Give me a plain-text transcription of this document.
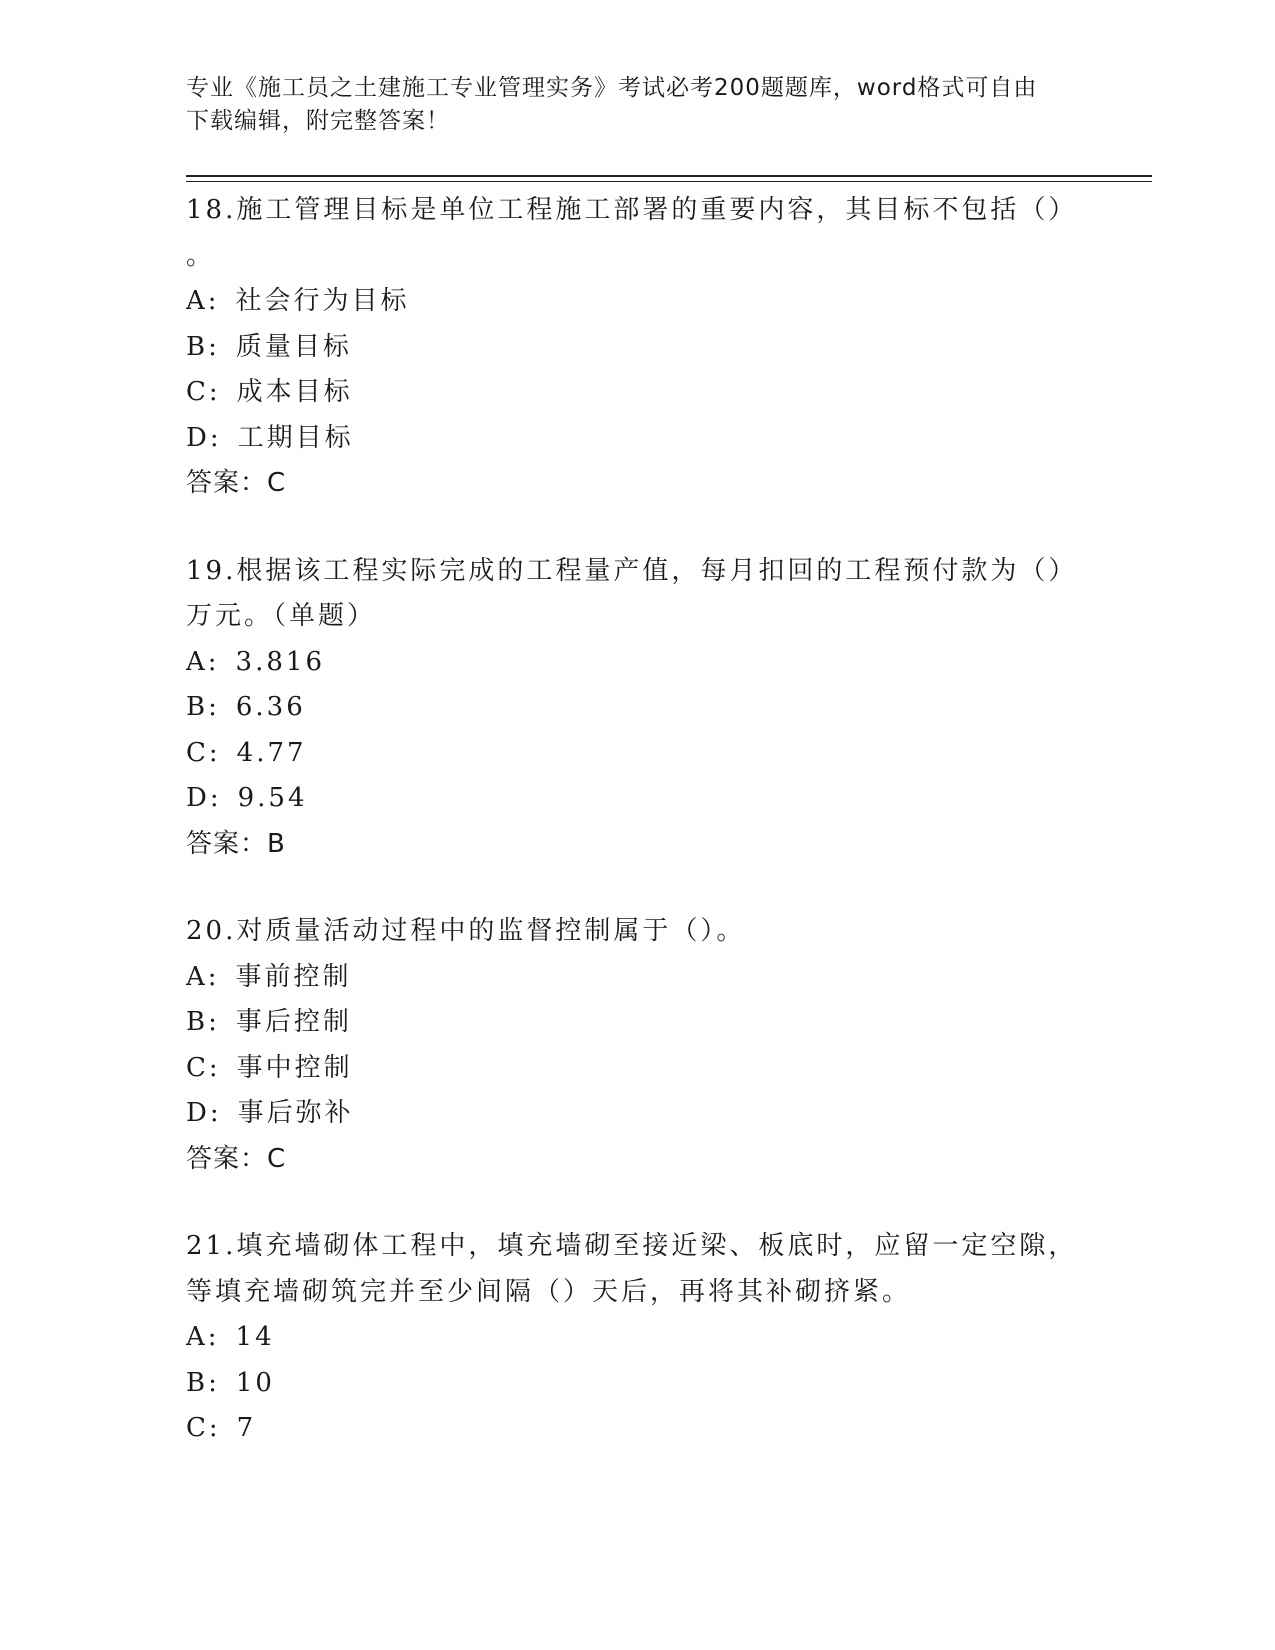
专业《施工员之土建施工专业管理实务》考试必考200题题库，word格式可自由
下载编辑，附完整答案！
18.施工管理目标是单位工程施工部署的重要内容，其目标不包括（）
。
A: 社会行为目标
B: 质量目标
C: 成本目标
D: 工期目标
答案：C
19.根据该工程实际完成的工程量产值，每月扣回的工程预付款为（）
万元。（单题）
A: 3.816
B: 6.36
C: 4.77
D: 9.54
答案：B
20.对质量活动过程中的监督控制属于（）。
A: 事前控制
B: 事后控制
C: 事中控制
D: 事后弥补
答案：C
21.填充墙砌体工程中，填充墙砌至接近梁、板底时，应留一定空隙，
等填充墙砌筑完并至少间隔（）天后，再将其补砌挤紧。
A: 14
B: 10
C: 7
